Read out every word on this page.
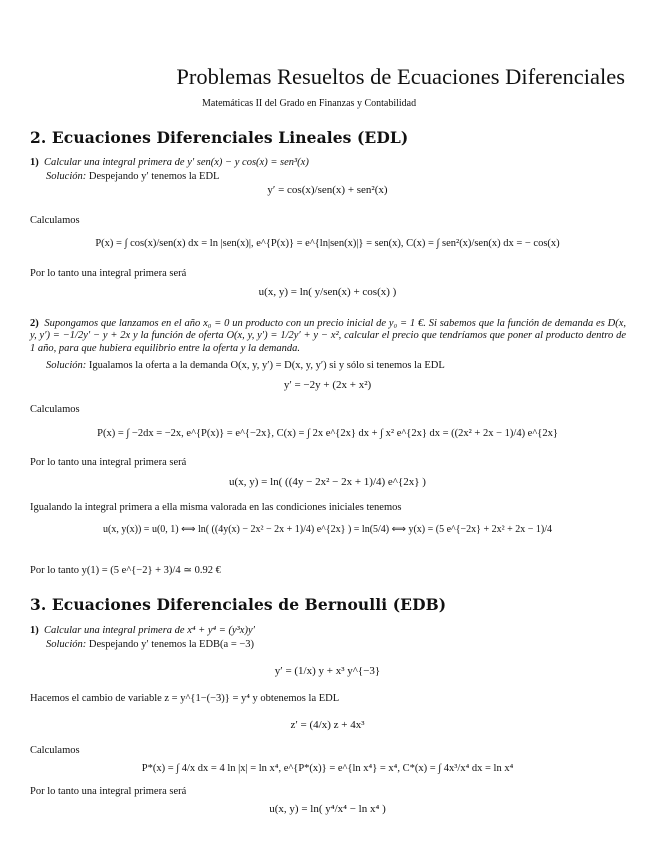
Problemas Resueltos de Ecuaciones Diferenciales
Matemáticas II del Grado en Finanzas y Contabilidad
2. Ecuaciones Diferenciales Lineales (EDL)
1) Calcular una integral primera de y′ sen(x) − y cos(x) = sen³(x)
Solución: Despejando y′ tenemos la EDL
y′ = cos(x)/sen(x) + sen²(x)
Calculamos
P(x) = ∫ cos(x)/sen(x) dx = ln |sen(x)|, e^{P(x)} = e^{ln|sen(x)|} = sen(x), C(x) = ∫ sen²(x)/sen(x) dx = − cos(x)
Por lo tanto una integral primera será
u(x, y) = ln( y/sen(x) + cos(x) )
2) Supongamos que lanzamos en el año x₀ = 0 un producto con un precio inicial de y₀ = 1 €. Si sabemos que la función de demanda es D(x, y, y′) = −1/2y′ − y + 2x y la función de oferta O(x, y, y′) = 1/2y′ + y − x², calcular el precio que tendríamos que poner al producto dentro de 1 año, para que hubiera equilibrio entre la oferta y la demanda.
Solución: Igualamos la oferta a la demanda O(x, y, y′) = D(x, y, y′) si y sólo si tenemos la EDL
y′ = −2y + (2x + x²)
Calculamos
P(x) = ∫ −2dx = −2x, e^{P(x)} = e^{−2x}, C(x) = ∫ 2x e^{2x} dx + ∫ x² e^{2x} dx = ((2x² + 2x − 1)/4) e^{2x}
Por lo tanto una integral primera será
u(x, y) = ln( ((4y − 2x² − 2x + 1)/4) e^{2x} )
Igualando la integral primera a ella misma valorada en las condiciones iniciales tenemos
u(x, y(x)) = u(0, 1) ⟺ ln( ((4y(x) − 2x² − 2x + 1)/4) e^{2x} ) = ln(5/4) ⟺ y(x) = (5 e^{−2x} + 2x² + 2x − 1)/4
Por lo tanto y(1) = (5 e^{−2} + 3)/4 ≃ 0.92 €
3. Ecuaciones Diferenciales de Bernoulli (EDB)
1) Calcular una integral primera de x⁴ + y⁴ = (y³x)y′
Solución: Despejando y′ tenemos la EDB(a = −3)
y′ = (1/x) y + x³ y^{−3}
Hacemos el cambio de variable z = y^{1−(−3)} = y⁴ y obtenemos la EDL
z′ = (4/x) z + 4x³
Calculamos
P*(x) = ∫ 4/x dx = 4 ln |x| = ln x⁴, e^{P*(x)} = e^{ln x⁴} = x⁴, C*(x) = ∫ 4x³/x⁴ dx = ln x⁴
Por lo tanto una integral primera será
u(x, y) = ln( y⁴/x⁴ − ln x⁴ )
